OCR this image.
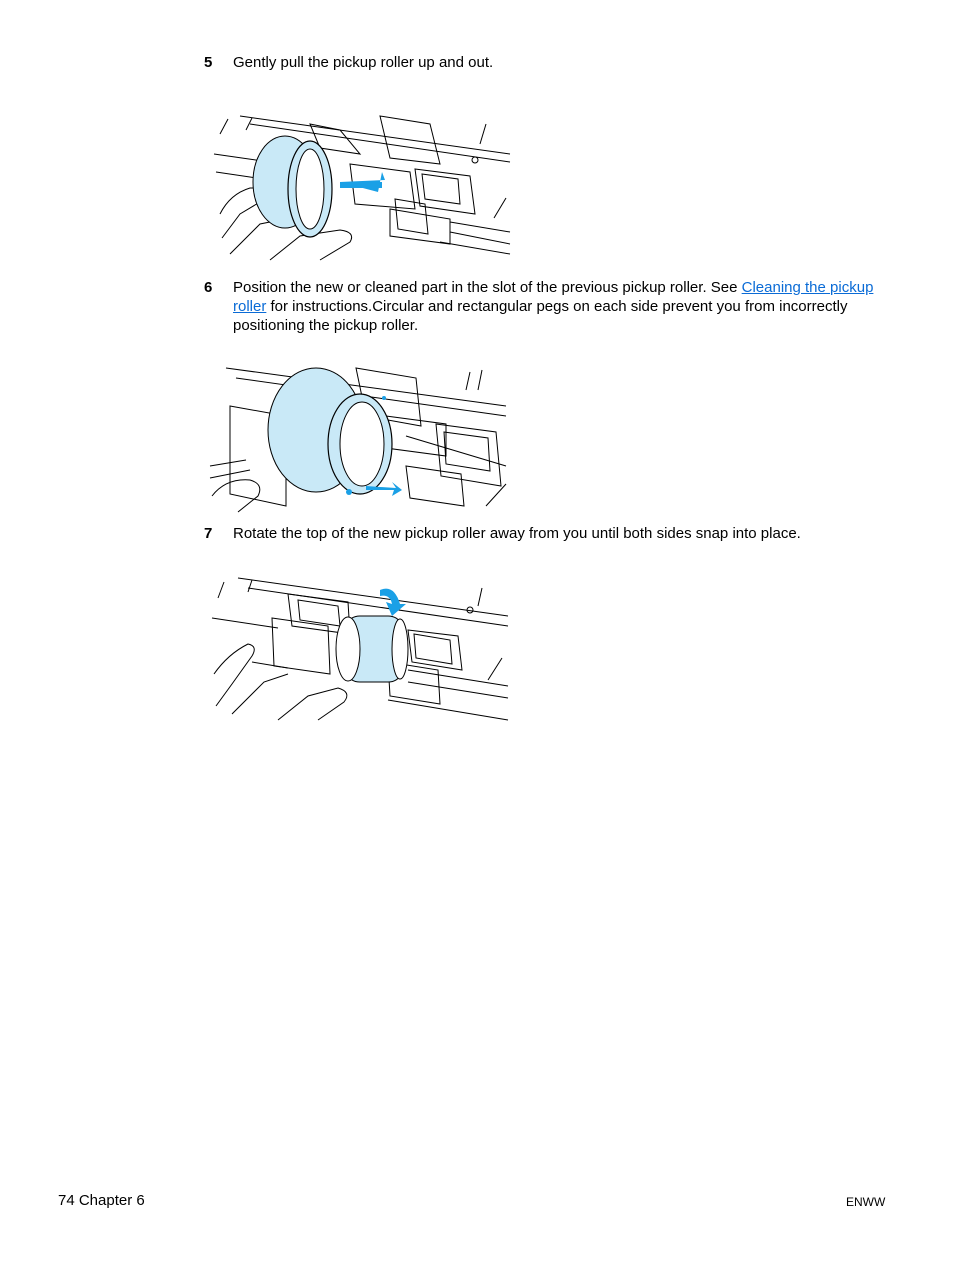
5 Gently pull the pickup roller up and out.
6 Position the new or cleaned part in the slot of the previous pickup roller. See Cleaning the pickup roller for instructions.Circular and rectangular pegs on each side prevent you from incorrectly positioning the pickup roller.
7 Rotate the top of the new pickup roller away from you until both sides snap into place.
74 Chapter 6	ENWW
